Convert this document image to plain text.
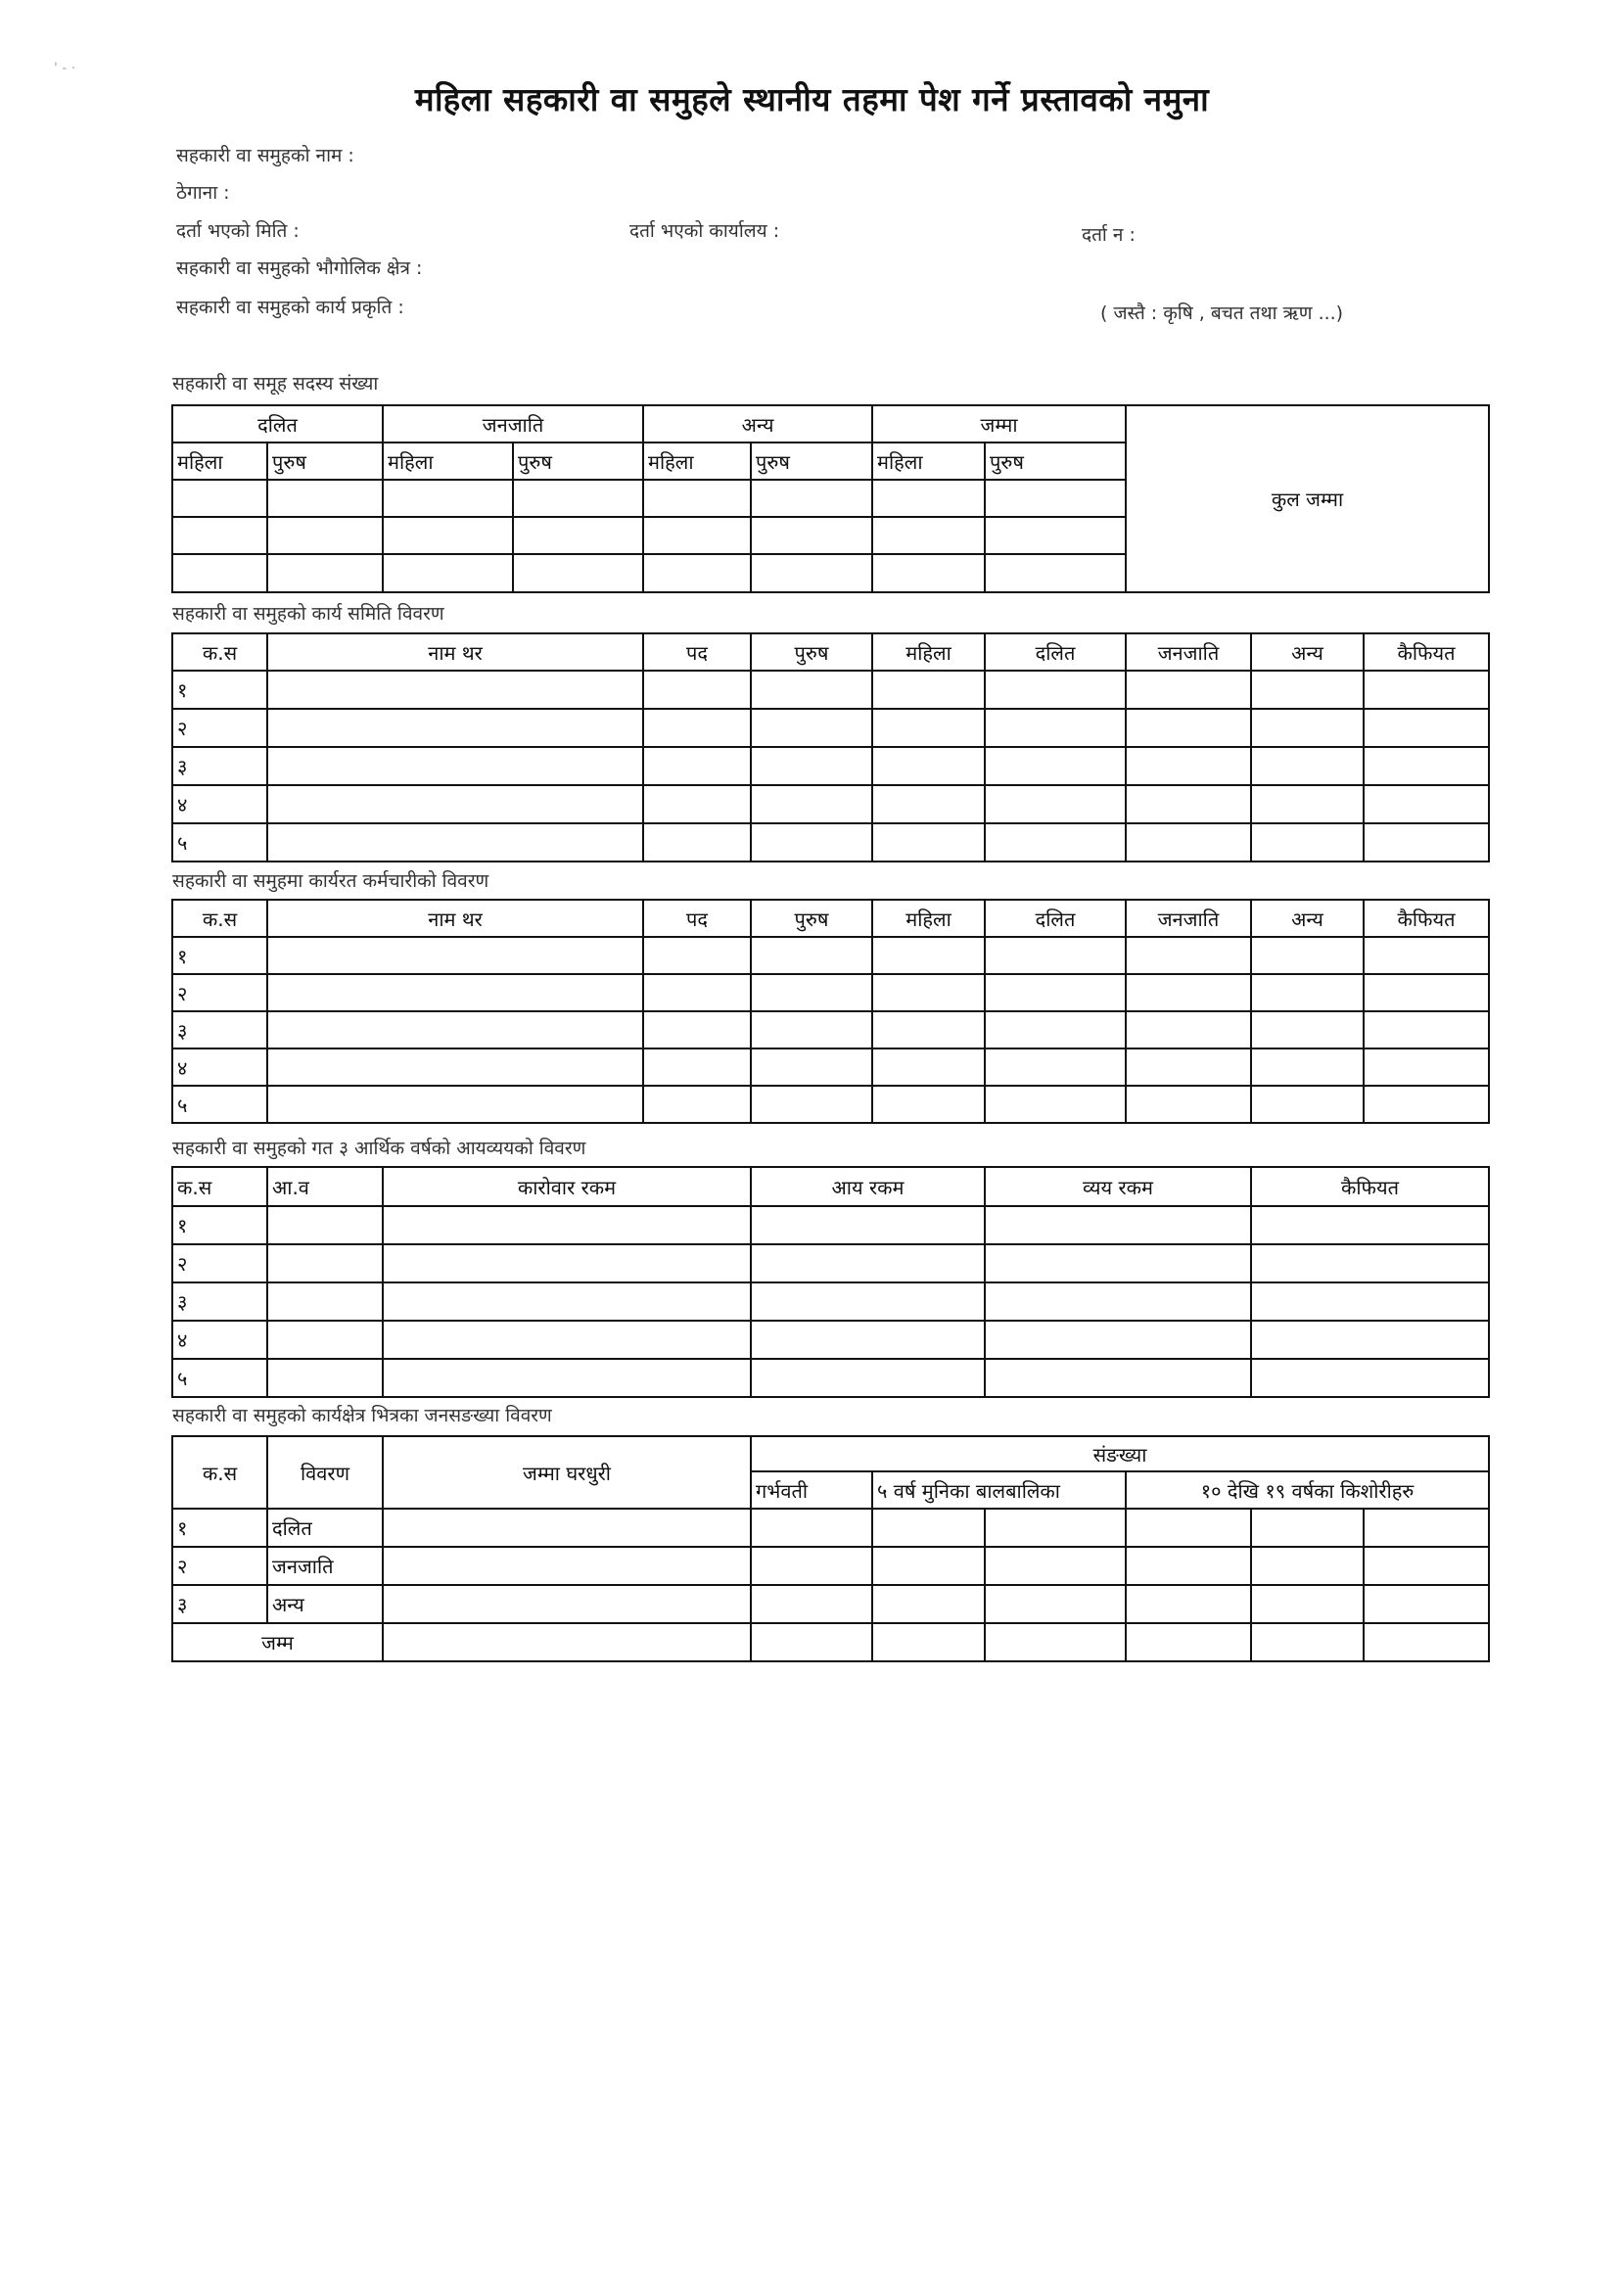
' - ·
महिला सहकारी वा समुहले स्थानीय तहमा पेश गर्ने प्रस्तावको नमुना
सहकारी वा समुहको नाम :
ठेगाना :
दर्ता भएको मिति :	दर्ता भएको कार्यालय :	दर्ता न :
सहकारी वा समुहको भौगोलिक क्षेत्र :
सहकारी वा समुहको कार्य प्रकृति :	( जस्तै : कृषि , बचत तथा ऋण ...)
सहकारी वा समूह सदस्य संख्या
दलित		जनजाति		अन्य		जम्मा		कुल जम्मा
महिला	पुरुष	महिला	पुरुष	महिला	पुरुष	महिला	पुरुष	

सहकारी वा समुहको कार्य समिति विवरण
क.स	नाम थर	पद	पुरुष	महिला	दलित	जनजाति	अन्य	कैफियत
१								
२								
३								
४								
५								
सहकारी वा समुहमा कार्यरत कर्मचारीको विवरण
क.स	नाम थर	पद	पुरुष	महिला	दलित	जनजाति	अन्य	कैफियत
१								
२								
३								
४								
५								
सहकारी वा समुहको गत ३ आर्थिक वर्षको आयव्ययको विवरण
क.स	आ.व	कारोवार रकम	आय रकम	व्यय रकम	कैफियत
१					
२					
३					
४					
५					
सहकारी वा समुहको कार्यक्षेत्र भित्रका जनसङख्या विवरण
क.स	विवरण	जम्मा घरधुरी	संङख्या					
			गर्भवती	५ वर्ष मुनिका बालबालिका		१० देखि १९ वर्षका किशोरीहरु		
१	दलित							
२	जनजाति							
३	अन्य							
जम्म								
